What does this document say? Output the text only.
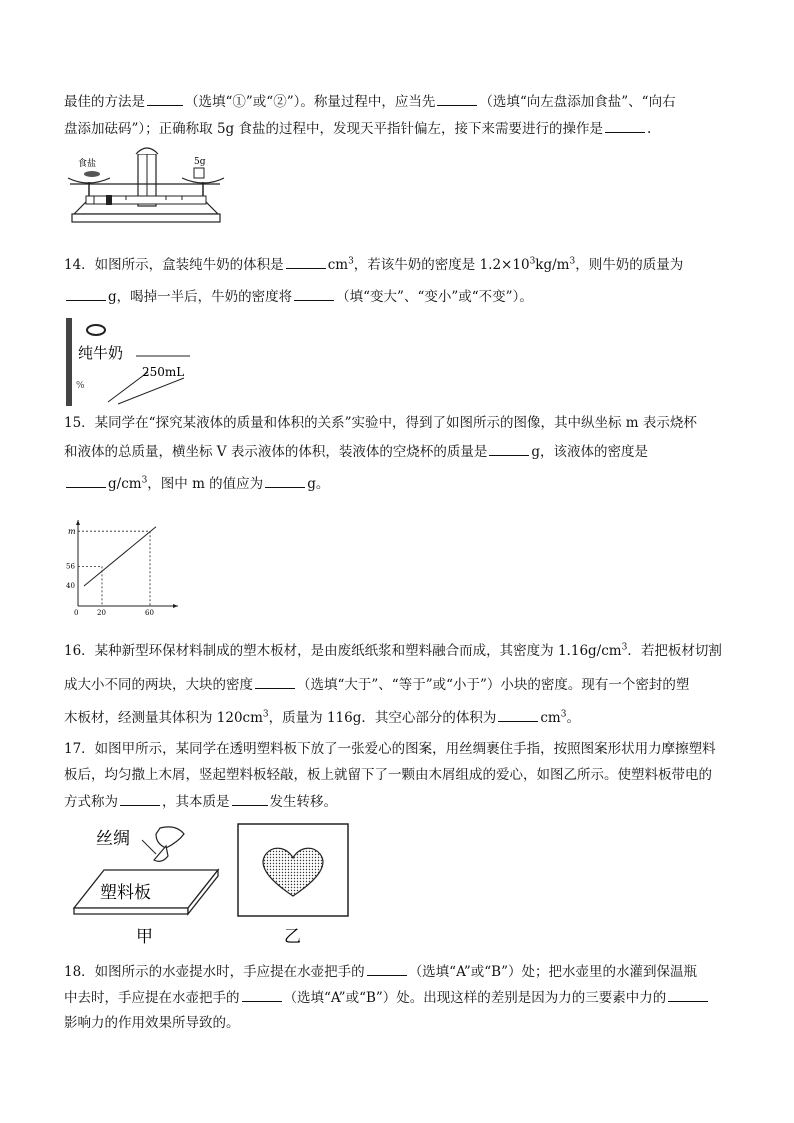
最佳的方法是	（选填“①”或“②”）。称量过程中，应当先	（选填“向左盘添加食盐”、“向右
盘添加砝码”）；正确称取 5g 食盐的过程中，发现天平指针偏左，接下来需要进行的操作是	.
食盐	5g
14．如图所示，盒装纯牛奶的体积是	$cm^3$，若该牛奶的密度是 $1.2\times 10^3kg/m^3$，则牛奶的质量为
g，喝掉一半后，牛奶的密度将	（填“变大”、“变小”或“不变”）。
纯牛奶
250mL
%
15．某同学在“探究某液体的质量和体积的关系”实验中，得到了如图所示的图像，其中纵坐标 m 表示烧杯
和液体的总质量，横坐标 V 表示液体的体积，装液体的空烧杯的质量是	g，该液体的密度是
$g/cm^3$，图中 m 的值应为	g。
0	20	60
40
56
m
16．某种新型环保材料制成的塑木板材，是由废纸纸浆和塑料融合而成，其密度为 $1.16g/cm^3$．若把板材切割
成大小不同的两块，大块的密度	（选填“大于”、“等于”或“小于”）小块的密度。现有一个密封的塑
木板材，经测量其体积为 $120cm^3$，质量为 116g．其空心部分的体积为	$cm^3$。
17．如图甲所示，某同学在透明塑料板下放了一张爱心的图案，用丝绸裹住手指，按照图案形状用力摩擦塑料
板后，均匀撒上木屑，竖起塑料板轻敲，板上就留下了一颗由木屑组成的爱心，如图乙所示。使塑料板带电的
方式称为	，其本质是	发生转移。
丝绸
塑料板
甲	乙
18．如图所示的水壶提水时，手应提在水壶把手的	（选填“A”或“B”）处；把水壶里的水灌到保温瓶
中去时，手应提在水壶把手的	（选填“A”或“B”）处。出现这样的差别是因为力的三要素中力的
影响力的作用效果所导致的。
